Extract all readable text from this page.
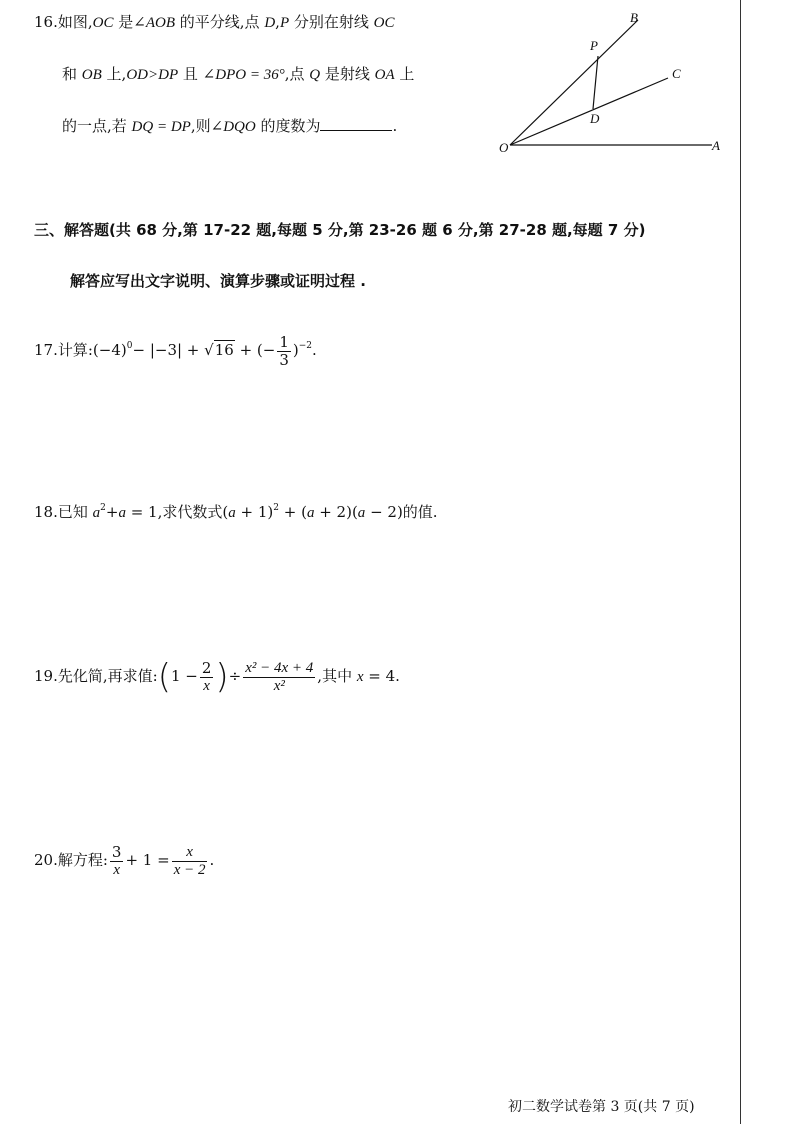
16.如图,OC 是∠AOB 的平分线,点 D,P 分别在射线 OC
和 OB 上,OD>DP 且 ∠DPO = 36°,点 Q 是射线 OA 上
的一点,若 DQ = DP,则∠DQO 的度数为	.
B
P
C
D
O	A
三、解答题(共 68 分,第 17-22 题,每题 5 分,第 23-26 题 6 分,第 27-28 题,每题 7 分)
解答应写出文字说明、演算步骤或证明过程 .
17.计算$:(-4)^0- |-3| + √16$ + (− $\frac{1}{3} )^{-2}$.
18.已知 $a^2+a = 1$,求代数式$(a + 1)^2 + (a + 2)(a - 2)$的值.
19.先化简,再求值:(1 − $\frac{2}{x}$ )÷ $\frac{\text{x² − 4x + 4}}{\text{x²}}$ ,其中 x = 4.
20.解方程: $\frac{3}{x} + 1 = \frac{x}{x - 2}$ .
初二数学试卷第 3 页(共 7 页)
